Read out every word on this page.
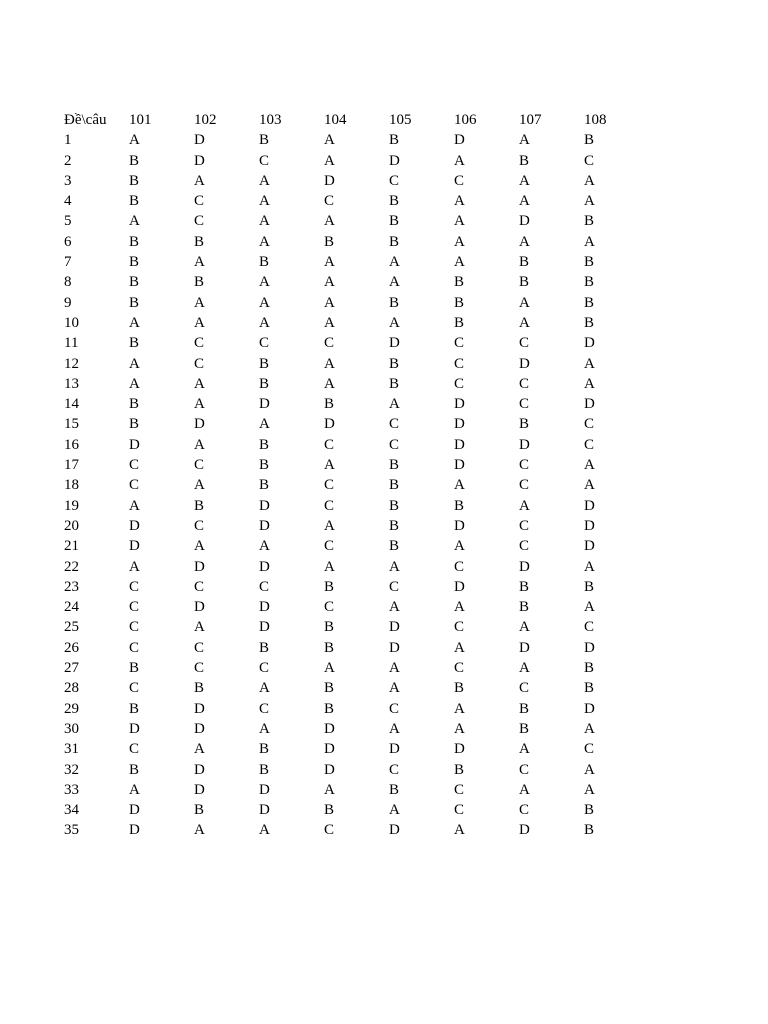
Đề\câu	101	102	103	104	105	106	107	108
1	A	D	B	A	B	D	A	B
2	B	D	C	A	D	A	B	C
3	B	A	A	D	C	C	A	A
4	B	C	A	C	B	A	A	A
5	A	C	A	A	B	A	D	B
6	B	B	A	B	B	A	A	A
7	B	A	B	A	A	A	B	B
8	B	B	A	A	A	B	B	B
9	B	A	A	A	B	B	A	B
10	A	A	A	A	A	B	A	B
11	B	C	C	C	D	C	C	D
12	A	C	B	A	B	C	D	A
13	A	A	B	A	B	C	C	A
14	B	A	D	B	A	D	C	D
15	B	D	A	D	C	D	B	C
16	D	A	B	C	C	D	D	C
17	C	C	B	A	B	D	C	A
18	C	A	B	C	B	A	C	A
19	A	B	D	C	B	B	A	D
20	D	C	D	A	B	D	C	D
21	D	A	A	C	B	A	C	D
22	A	D	D	A	A	C	D	A
23	C	C	C	B	C	D	B	B
24	C	D	D	C	A	A	B	A
25	C	A	D	B	D	C	A	C
26	C	C	B	B	D	A	D	D
27	B	C	C	A	A	C	A	B
28	C	B	A	B	A	B	C	B
29	B	D	C	B	C	A	B	D
30	D	D	A	D	A	A	B	A
31	C	A	B	D	D	D	A	C
32	B	D	B	D	C	B	C	A
33	A	D	D	A	B	C	A	A
34	D	B	D	B	A	C	C	B
35	D	A	A	C	D	A	D	B
